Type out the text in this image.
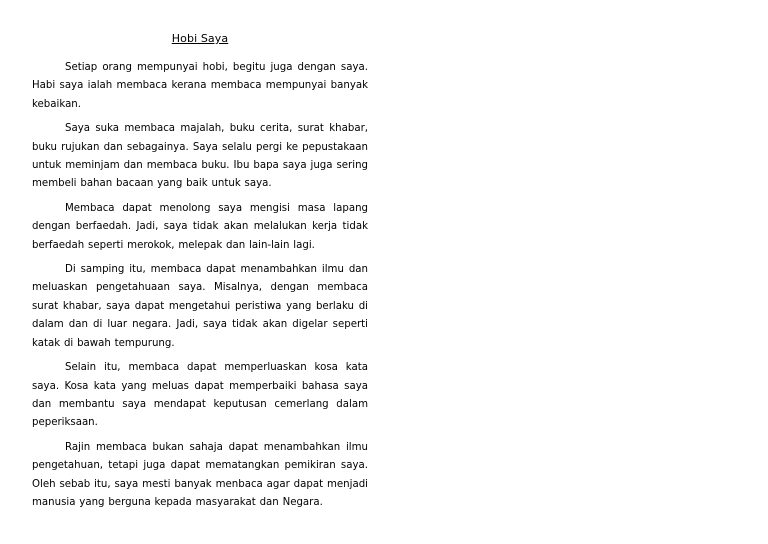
Hobi Saya

Setiap orang mempunyai hobi, begitu juga dengan saya. Habi saya ialah membaca kerana membaca mempunyai banyak kebaikan.

Saya suka membaca majalah, buku cerita, surat khabar, buku rujukan dan sebagainya. Saya selalu pergi ke pepustakaan untuk meminjam dan membaca buku. Ibu bapa saya juga sering membeli bahan bacaan yang baik untuk saya.

Membaca dapat menolong saya mengisi masa lapang dengan berfaedah. Jadi, saya tidak akan melalukan kerja tidak berfaedah seperti merokok, melepak dan lain-lain lagi.

Di samping itu, membaca dapat menambahkan ilmu dan meluaskan pengetahuaan saya. Misalnya, dengan membaca surat khabar, saya dapat mengetahui peristiwa yang berlaku di dalam dan di luar negara. Jadi, saya tidak akan digelar seperti katak di bawah tempurung.

Selain itu, membaca dapat memperluaskan kosa kata saya. Kosa kata yang meluas dapat memperbaiki bahasa saya dan membantu saya mendapat keputusan cemerlang dalam peperiksaan.

Rajin membaca bukan sahaja dapat menambahkan ilmu pengetahuan, tetapi juga dapat mematangkan pemikiran saya. Oleh sebab itu, saya mesti banyak menbaca agar dapat menjadi manusia yang berguna kepada masyarakat dan Negara.
